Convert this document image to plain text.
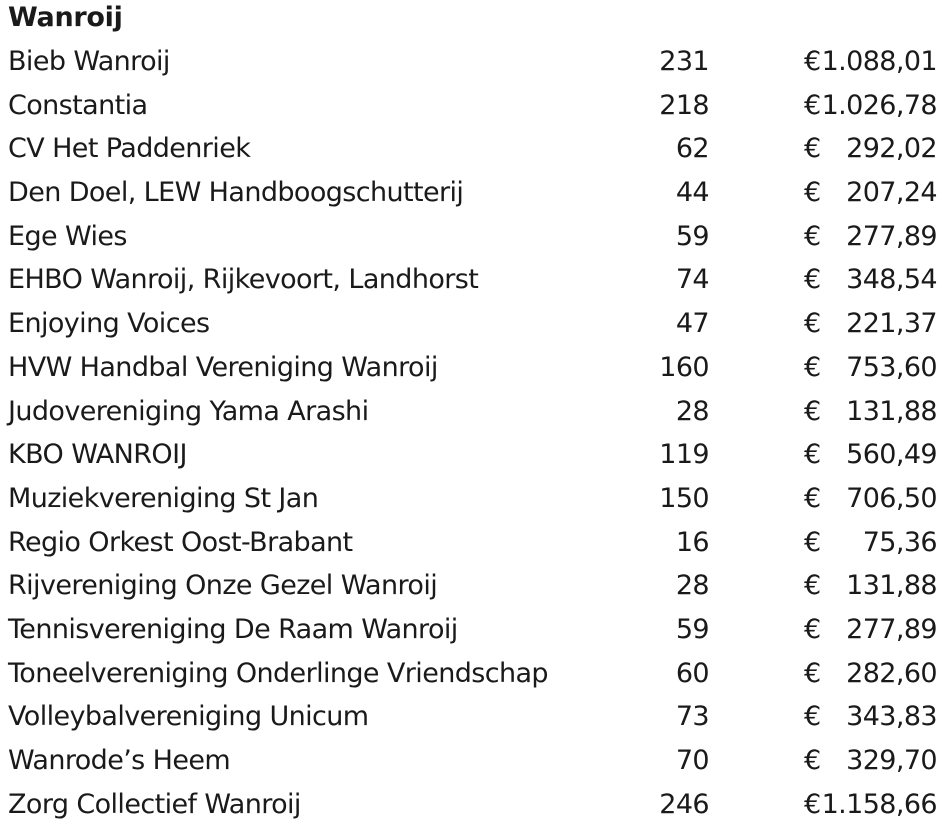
Wanroij
Bieb Wanroij	231	€ 1.088,01
Constantia	218	€ 1.026,78
CV Het Paddenriek	62	€ 292,02
Den Doel, LEW Handboogschutterij	44	€ 207,24
Ege Wies	59	€ 277,89
EHBO Wanroij, Rijkevoort, Landhorst	74	€ 348,54
Enjoying Voices	47	€ 221,37
HVW Handbal Vereniging Wanroij	160	€ 753,60
Judovereniging Yama Arashi	28	€ 131,88
KBO WANROIJ	119	€ 560,49
Muziekvereniging St Jan	150	€ 706,50
Regio Orkest Oost-Brabant	16	€ 75,36
Rijvereniging Onze Gezel Wanroij	28	€ 131,88
Tennisvereniging De Raam Wanroij	59	€ 277,89
Toneelvereniging Onderlinge Vriendschap	60	€ 282,60
Volleybalvereniging Unicum	73	€ 343,83
Wanrode’s Heem	70	€ 329,70
Zorg Collectief Wanroij	246	€ 1.158,66
